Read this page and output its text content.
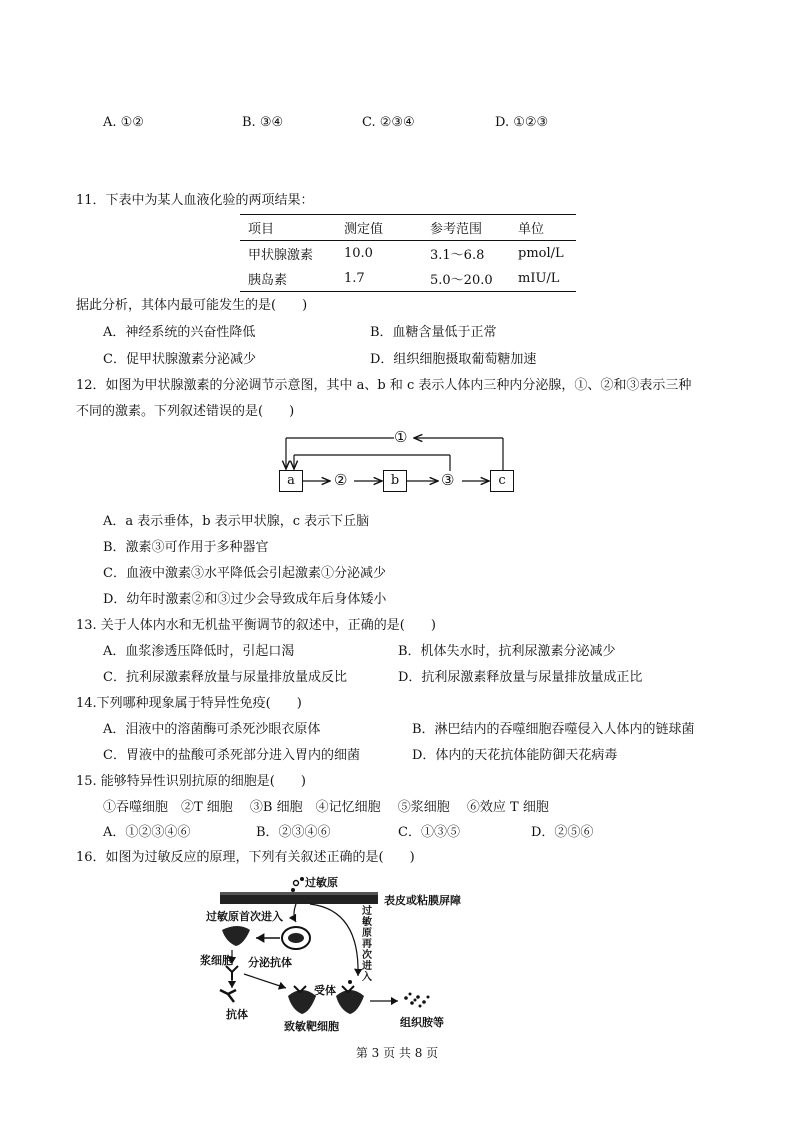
A. ①②	B. ③④	C. ②③④	D. ①②③
11．下表中为某人血液化验的两项结果：
项目	测定值	参考范围	单位
甲状腺激素	10.0	3.1～6.8	pmol/L
胰岛素	1.7	5.0～20.0	mIU/L
据此分析，其体内最可能发生的是(　　)
A．神经系统的兴奋性降低	B．血糖含量低于正常
C．促甲状腺激素分泌减少	D．组织细胞摄取葡萄糖加速
12．如图为甲状腺激素的分泌调节示意图，其中 a、b 和 c 表示人体内三种内分泌腺，①、②和③表示三种
不同的激素。下列叙述错误的是(　　)
①
a	②	b	③	c
A．a 表示垂体，b 表示甲状腺，c 表示下丘脑
B．激素③可作用于多种器官
C．血液中激素③水平降低会引起激素①分泌减少
D．幼年时激素②和③过少会导致成年后身体矮小
13. 关于人体内水和无机盐平衡调节的叙述中，正确的是(　　)
A．血浆渗透压降低时，引起口渴	B．机体失水时，抗利尿激素分泌减少
C．抗利尿激素释放量与尿量排放量成反比	D．抗利尿激素释放量与尿量排放量成正比
14.下列哪种现象属于特异性免疫(　　)
A．泪液中的溶菌酶可杀死沙眼衣原体	B．淋巴结内的吞噬细胞吞噬侵入人体内的链球菌
C．胃液中的盐酸可杀死部分进入胃内的细菌	D．体内的天花抗体能防御天花病毒
15. 能够特异性识别抗原的细胞是(　　)
①吞噬细胞　②T 细胞　 ③B 细胞　④记忆细胞　 ⑤浆细胞　 ⑥效应 T 细胞
A．①②③④⑥	B．②③④⑥	C．①③⑤	D．②⑤⑥
16．如图为过敏反应的原理，下列有关叙述正确的是(　　)
过敏原
表皮或粘膜屏障
过敏原首次进入
浆细胞 分泌抗体
抗体
受体
致敏靶细胞	组织胺等
过敏原再次进入
第 3 页 共 8 页
